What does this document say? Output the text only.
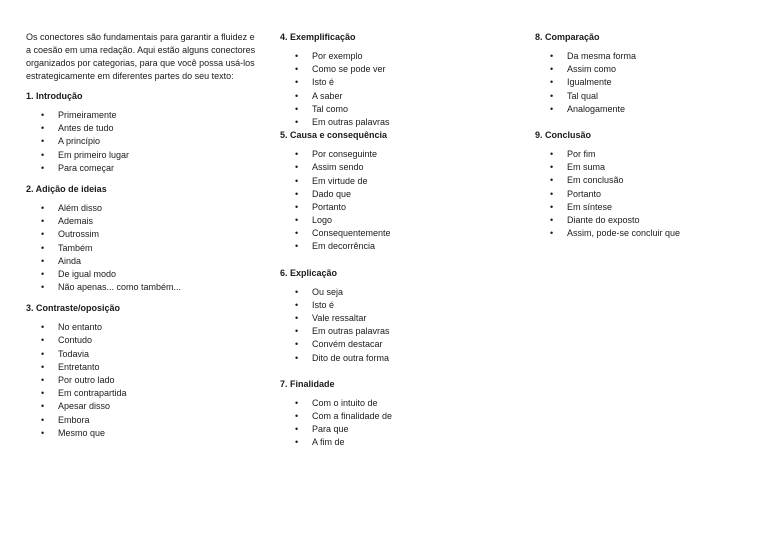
Os conectores são fundamentais para garantir a fluidez e a coesão em uma redação. Aqui estão alguns conectores organizados por categorias, para que você possa usá-los estrategicamente em diferentes partes do seu texto:

1. Introdução
• Primeiramente
• Antes de tudo
• A princípio
• Em primeiro lugar
• Para começar
2. Adição de ideias
• Além disso
• Ademais
• Outrossim
• Também
• Ainda
• De igual modo
• Não apenas... como também...
3. Contraste/oposição
• No entanto
• Contudo
• Todavia
• Entretanto
• Por outro lado
• Em contrapartida
• Apesar disso
• Embora
• Mesmo que
4. Exemplificação
• Por exemplo
• Como se pode ver
• Isto é
• A saber
• Tal como
• Em outras palavras
5. Causa e consequência
• Por conseguinte
• Assim sendo
• Em virtude de
• Dado que
• Portanto
• Logo
• Consequentemente
• Em decorrência
6. Explicação
• Ou seja
• Isto é
• Vale ressaltar
• Em outras palavras
• Convém destacar
• Dito de outra forma
7. Finalidade
• Com o intuito de
• Com a finalidade de
• Para que
• A fim de
8. Comparação
• Da mesma forma
• Assim como
• Igualmente
• Tal qual
• Analogamente
9. Conclusão
• Por fim
• Em suma
• Em conclusão
• Portanto
• Em síntese
• Diante do exposto
• Assim, pode-se concluir que
